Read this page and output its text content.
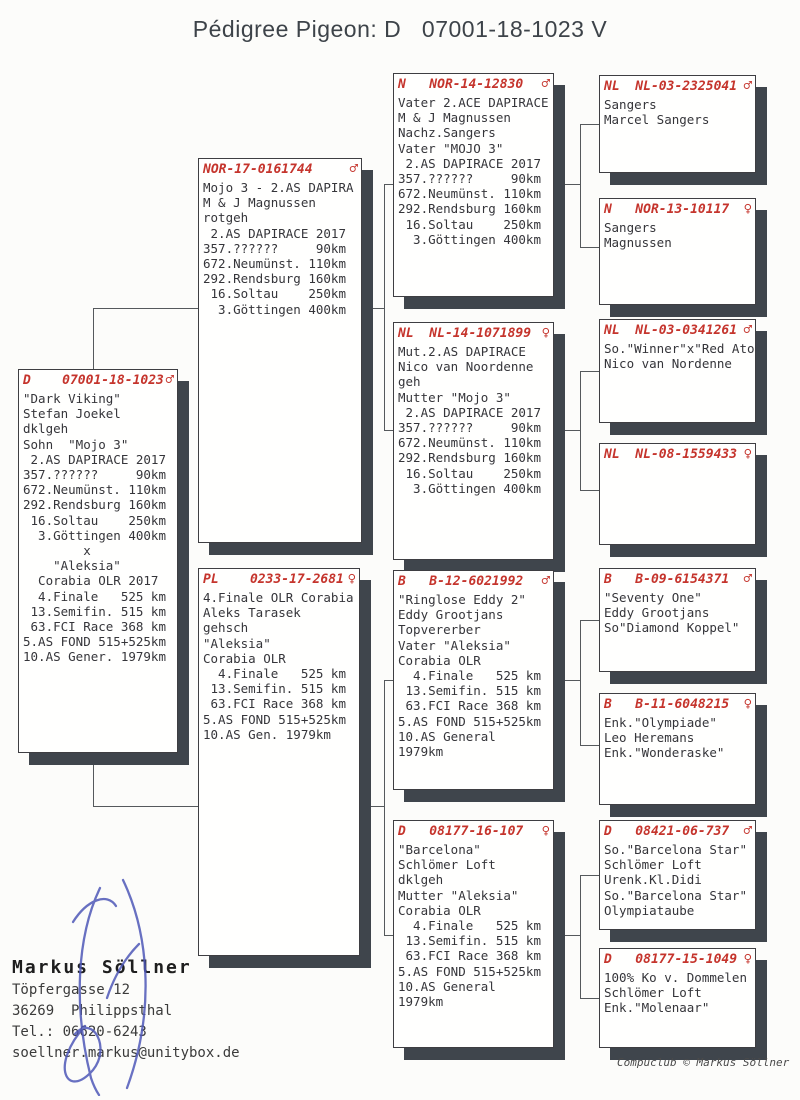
Pédigree Pigeon: D   07001-18-1023 V
D    07001-18-1023 ♂
"Dark Viking"
Stefan Joekel
dklgeh
Sohn  "Mojo 3"
2.AS DAPIRACE 2017
357.??????     90km
672.Neumünst. 110km
292.Rendsburg 160km
16.Soltau    250km
3.Göttingen 400km
x
"Aleksia"
Corabia OLR 2017
4.Finale   525 km
13.Semifin. 515 km
63.FCI Race 368 km
5.AS FOND 515+525km
10.AS Gener. 1979km
NOR-17-0161744	♂
Mojo 3 - 2.AS DAPIRA
M & J Magnussen
rotgeh
2.AS DAPIRACE 2017
357.??????     90km
672.Neumünst. 110km
292.Rendsburg 160km
16.Soltau    250km
3.Göttingen 400km
PL    0233-17-2681 ♀
4.Finale OLR Corabia
Aleks Tarasek
gehsch
"Aleksia"
Corabia OLR
4.Finale   525 km
13.Semifin. 515 km
63.FCI Race 368 km
5.AS FOND 515+525km
10.AS Gen. 1979km
N   NOR-14-12830 ♂
Vater 2.ACE DAPIRACE
M & J Magnussen
Nachz.Sangers
Vater "MOJO 3"
2.AS DAPIRACE 2017
357.??????     90km
672.Neumünst. 110km
292.Rendsburg 160km
16.Soltau    250km
3.Göttingen 400km
NL  NL-14-1071899 ♀
Mut.2.AS DAPIRACE
Nico van Noordenne
geh
Mutter "Mojo 3"
2.AS DAPIRACE 2017
357.??????     90km
672.Neumünst. 110km
292.Rendsburg 160km
16.Soltau    250km
3.Göttingen 400km
B   B-12-6021992 ♂
"Ringlose Eddy 2"
Eddy Grootjans
Topvererber
Vater "Aleksia"
Corabia OLR
4.Finale   525 km
13.Semifin. 515 km
63.FCI Race 368 km
5.AS FOND 515+525km
10.AS General
1979km
D   08177-16-107 ♀
"Barcelona"
Schlömer Loft
dklgeh
Mutter "Aleksia"
Corabia OLR
4.Finale   525 km
13.Semifin. 515 km
63.FCI Race 368 km
5.AS FOND 515+525km
10.AS General
1979km
NL  NL-03-2325041 ♂
Sangers
Marcel Sangers
N   NOR-13-10117 ♀
Sangers
Magnussen
NL  NL-03-0341261 ♂
So."Winner"x"Red Ato
Nico van Nordenne
NL  NL-08-1559433 ♀
B   B-09-6154371 ♂
"Seventy One"
Eddy Grootjans
So"Diamond Koppel"
B   B-11-6048215 ♀
Enk."Olympiade"
Leo Heremans
Enk."Wonderaske"
D   08421-06-737 ♂
So."Barcelona Star"
Schlömer Loft
Urenk.Kl.Didi
So."Barcelona Star"
Olympiataube
D   08177-15-1049 ♀
100% Ko v. Dommelen
Schlömer Loft
Enk."Molenaar"
Markus Söllner
Töpfergasse 12
36269  Philippsthal
Tel.: 06620-6243
soellner.markus@unitybox.de
Compuclub © Markus Söllner
